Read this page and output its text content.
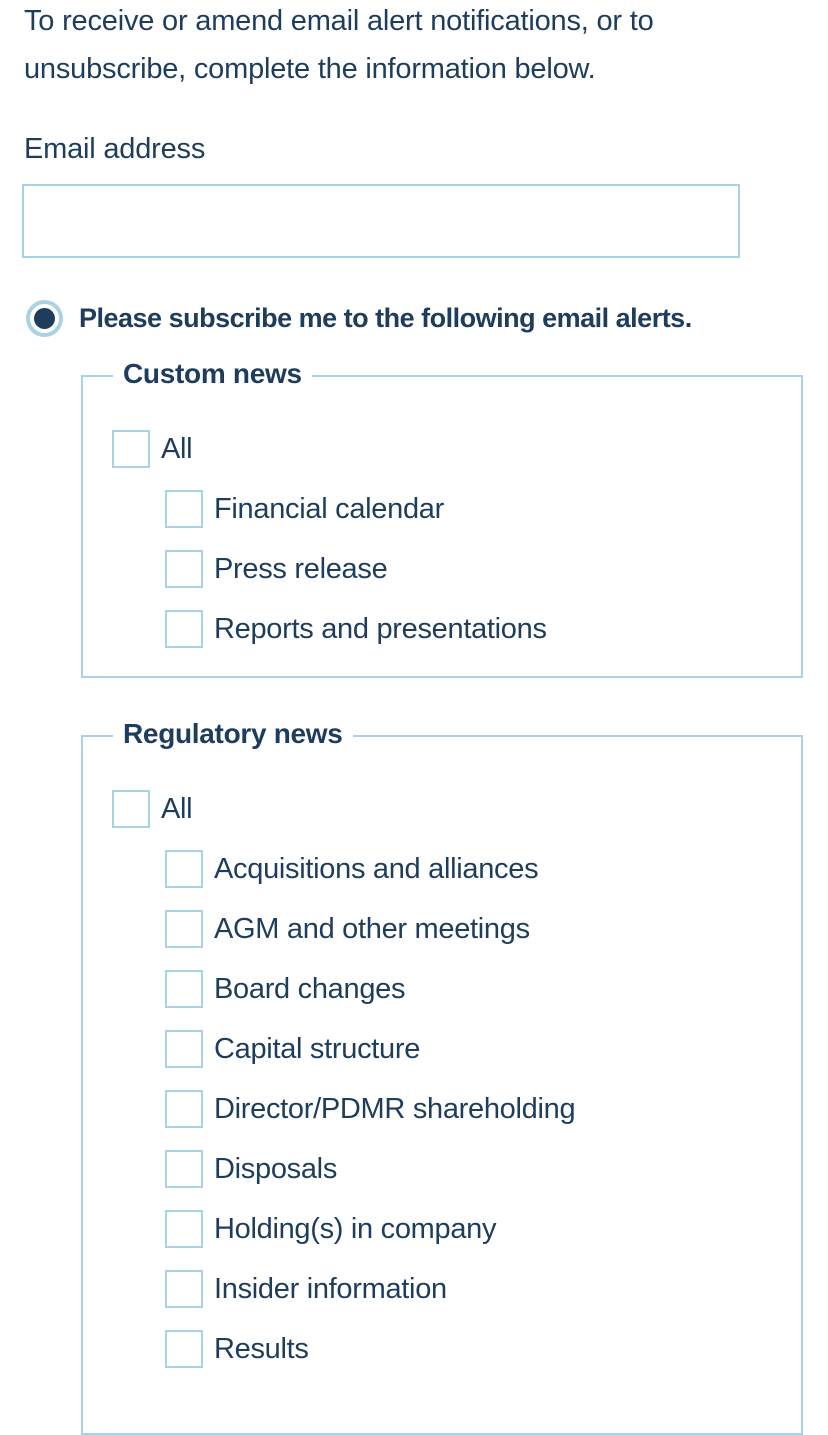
To receive or amend email alert notifications, or to
unsubscribe, complete the information below.
Email address
Please subscribe me to the following email alerts.
Custom news
All
Financial calendar
Press release
Reports and presentations
Regulatory news
All
Acquisitions and alliances
AGM and other meetings
Board changes
Capital structure
Director/PDMR shareholding
Disposals
Holding(s) in company
Insider information
Results
